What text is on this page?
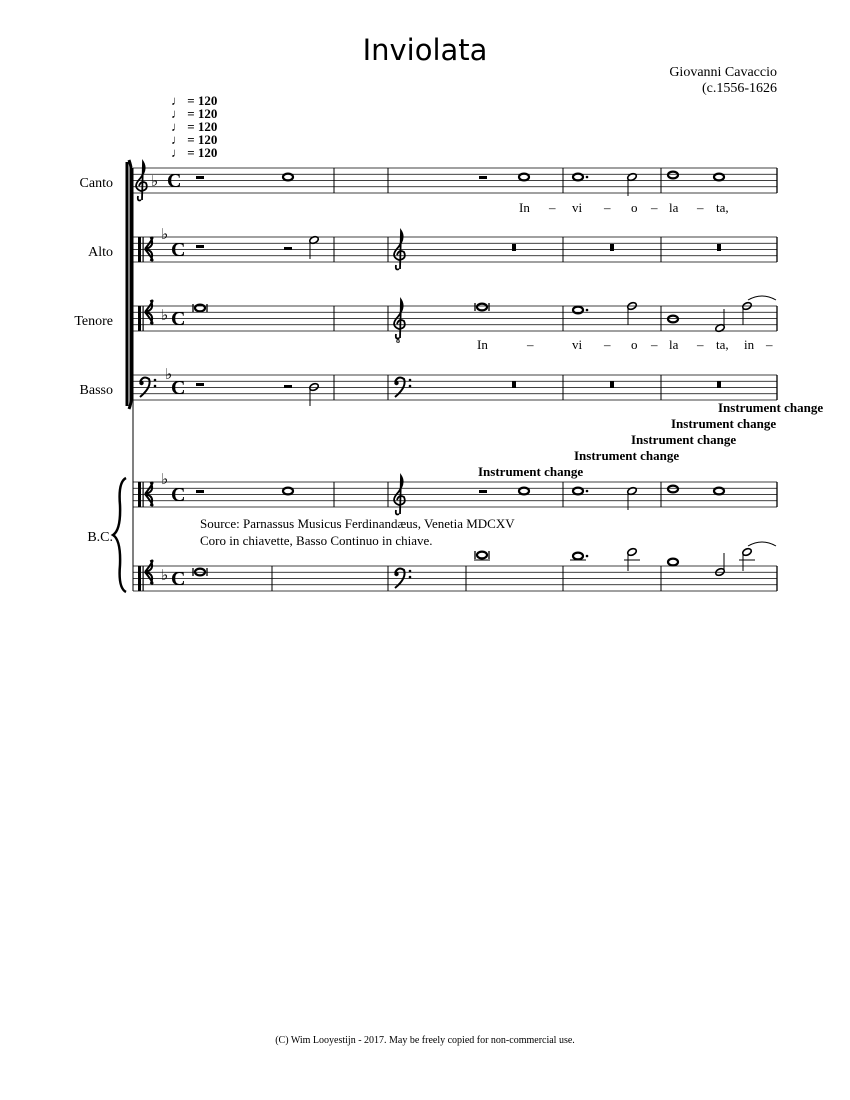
Inviolata
Giovanni Cavaccio
(c.1556-1626
♩ = 120
♩ = 120
♩ = 120
♩ = 120
♩ = 120
Canto
Alto
Tenore
Basso
B.C.
In – vi – o – la – ta,
In	–	vi – o – la – ta, in –
Instrument change
Instrument change
Instrument change
Instrument change
Instrument change
Source: Parnassus Musicus Ferdinandæus, Venetia MDCXV
Coro in chiavette, Basso Continuo in chiave.
(C) Wim Looyestijn - 2017. May be freely copied for non-commercial use.
♭ C
♭
C
♭ C
8
♭
C
♭
C
♭ C
